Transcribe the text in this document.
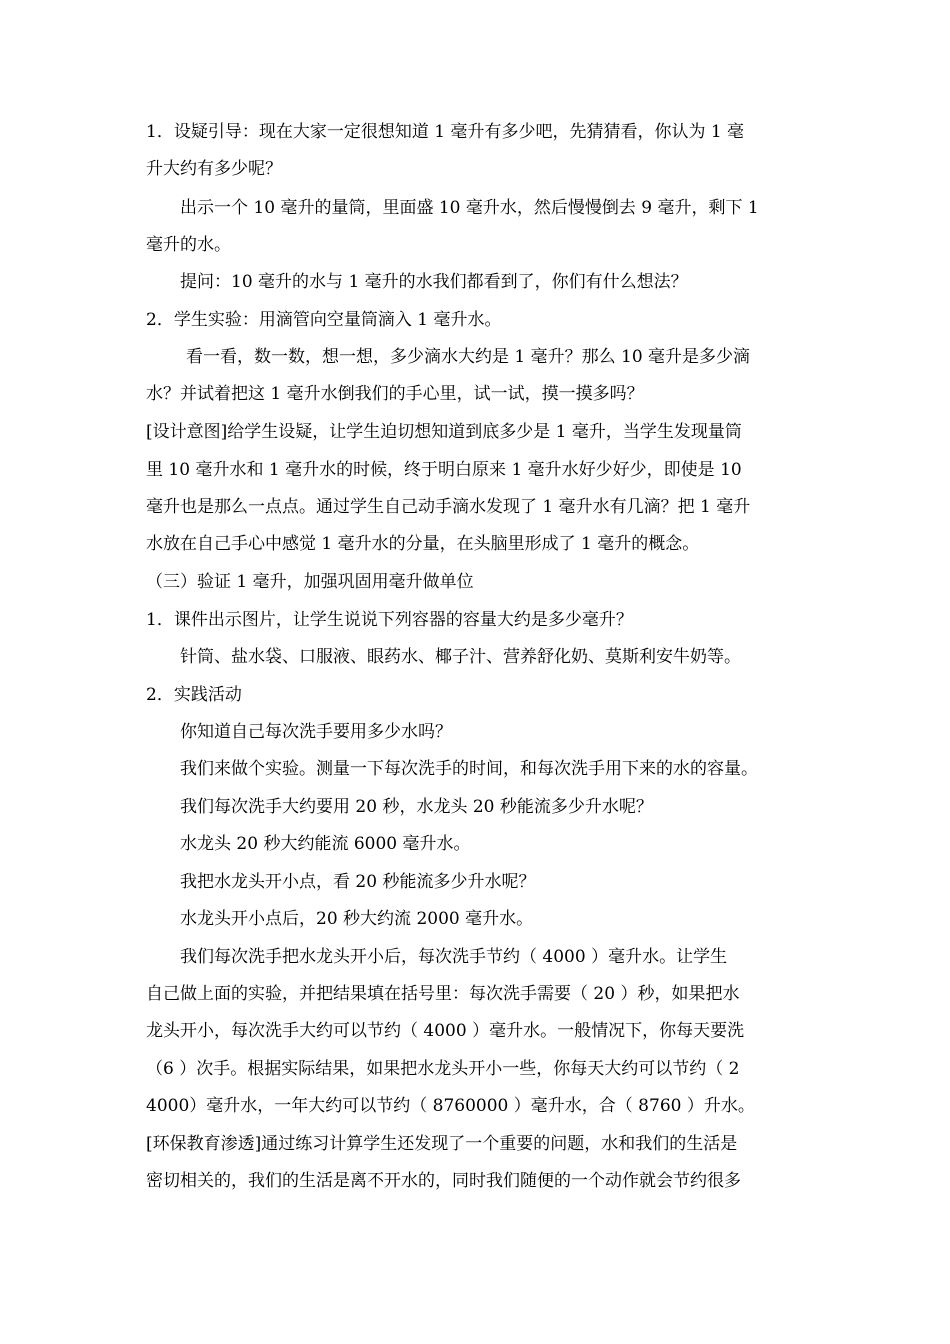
1．设疑引导：现在大家一定很想知道 1 毫升有多少吧，先猜猜看，你认为 1 毫
升大约有多少呢？
出示一个 10 毫升的量筒，里面盛 10 毫升水，然后慢慢倒去 9 毫升，剩下 1
毫升的水。
提问：10 毫升的水与 1 毫升的水我们都看到了，你们有什么想法？
2．学生实验：用滴管向空量筒滴入 1 毫升水。
看一看，数一数，想一想，多少滴水大约是 1 毫升？那么 10 毫升是多少滴
水？并试着把这 1 毫升水倒我们的手心里，试一试，摸一摸多吗？
[设计意图]给学生设疑，让学生迫切想知道到底多少是 1 毫升，当学生发现量筒
里 10 毫升水和 1 毫升水的时候，终于明白原来 1 毫升水好少好少，即使是 10
毫升也是那么一点点。通过学生自己动手滴水发现了 1 毫升水有几滴？把 1 毫升
水放在自己手心中感觉 1 毫升水的分量，在头脑里形成了 1 毫升的概念。
（三）验证 1 毫升，加强巩固用毫升做单位
1．课件出示图片，让学生说说下列容器的容量大约是多少毫升？
针筒、盐水袋、口服液、眼药水、椰子汁、营养舒化奶、莫斯利安牛奶等。
2．实践活动
你知道自己每次洗手要用多少水吗？
我们来做个实验。测量一下每次洗手的时间，和每次洗手用下来的水的容量。
我们每次洗手大约要用 20 秒，水龙头 20 秒能流多少升水呢？
水龙头 20 秒大约能流 6000 毫升水。
我把水龙头开小点，看 20 秒能流多少升水呢？
水龙头开小点后，20 秒大约流 2000 毫升水。
我们每次洗手把水龙头开小后，每次洗手节约（ 4000 ）毫升水。让学生
自己做上面的实验，并把结果填在括号里：每次洗手需要（ 20 ）秒，如果把水
龙头开小，每次洗手大约可以节约（ 4000 ）毫升水。一般情况下，你每天要洗
（6 ）次手。根据实际结果，如果把水龙头开小一些，你每天大约可以节约（ 2
4000）毫升水，一年大约可以节约（ 8760000 ）毫升水，合（ 8760 ）升水。
[环保教育渗透]通过练习计算学生还发现了一个重要的问题，水和我们的生活是
密切相关的，我们的生活是离不开水的，同时我们随便的一个动作就会节约很多
